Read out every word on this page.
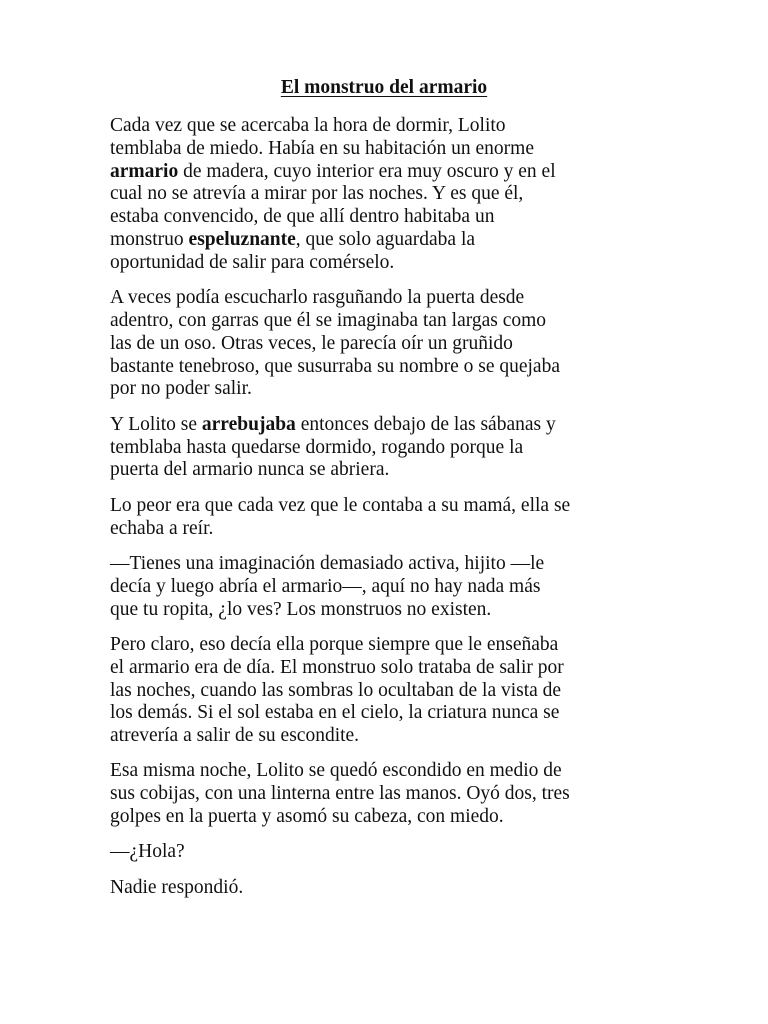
El monstruo del armario

Cada vez que se acercaba la hora de dormir, Lolito
temblaba de miedo. Había en su habitación un enorme
armario de madera, cuyo interior era muy oscuro y en el
cual no se atrevía a mirar por las noches. Y es que él,
estaba convencido, de que allí dentro habitaba un
monstruo espeluznante, que solo aguardaba la
oportunidad de salir para comérselo.

A veces podía escucharlo rasguñando la puerta desde
adentro, con garras que él se imaginaba tan largas como
las de un oso. Otras veces, le parecía oír un gruñido
bastante tenebroso, que susurraba su nombre o se quejaba
por no poder salir.

Y Lolito se arrebujaba entonces debajo de las sábanas y
temblaba hasta quedarse dormido, rogando porque la
puerta del armario nunca se abriera.

Lo peor era que cada vez que le contaba a su mamá, ella se
echaba a reír.

—Tienes una imaginación demasiado activa, hijito —le
decía y luego abría el armario—, aquí no hay nada más
que tu ropita, ¿lo ves? Los monstruos no existen.

Pero claro, eso decía ella porque siempre que le enseñaba
el armario era de día. El monstruo solo trataba de salir por
las noches, cuando las sombras lo ocultaban de la vista de
los demás. Si el sol estaba en el cielo, la criatura nunca se
atrevería a salir de su escondite.

Esa misma noche, Lolito se quedó escondido en medio de
sus cobijas, con una linterna entre las manos. Oyó dos, tres
golpes en la puerta y asomó su cabeza, con miedo.

—¿Hola?

Nadie respondió.
